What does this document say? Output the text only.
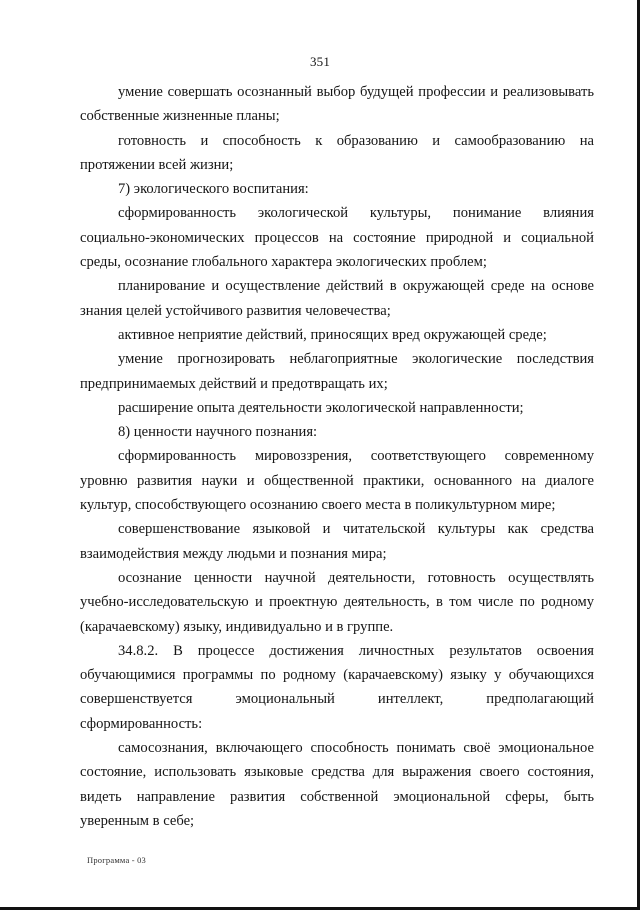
351

умение совершать осознанный выбор будущей профессии и реализовывать собственные жизненные планы;

готовность и способность к образованию и самообразованию на протяжении всей жизни;

7) экологического воспитания:

сформированность экологической культуры, понимание влияния социально-экономических процессов на состояние природной и социальной среды, осознание глобального характера экологических проблем;

планирование и осуществление действий в окружающей среде на основе знания целей устойчивого развития человечества;

активное неприятие действий, приносящих вред окружающей среде;

умение прогнозировать неблагоприятные экологические последствия предпринимаемых действий и предотвращать их;

расширение опыта деятельности экологической направленности;

8) ценности научного познания:

сформированность мировоззрения, соответствующего современному уровню развития науки и общественной практики, основанного на диалоге культур, способствующего осознанию своего места в поликультурном мире;

совершенствование языковой и читательской культуры как средства взаимодействия между людьми и познания мира;

осознание ценности научной деятельности, готовность осуществлять учебно-исследовательскую и проектную деятельность, в том числе по родному (карачаевскому) языку, индивидуально и в группе.

34.8.2. В процессе достижения личностных результатов освоения обучающимися программы по родному (карачаевскому) языку у обучающихся совершенствуется эмоциональный интеллект, предполагающий сформированность:

самосознания, включающего способность понимать своё эмоциональное состояние, использовать языковые средства для выражения своего состояния, видеть направление развития собственной эмоциональной сферы, быть уверенным в себе;

Программа - 03
